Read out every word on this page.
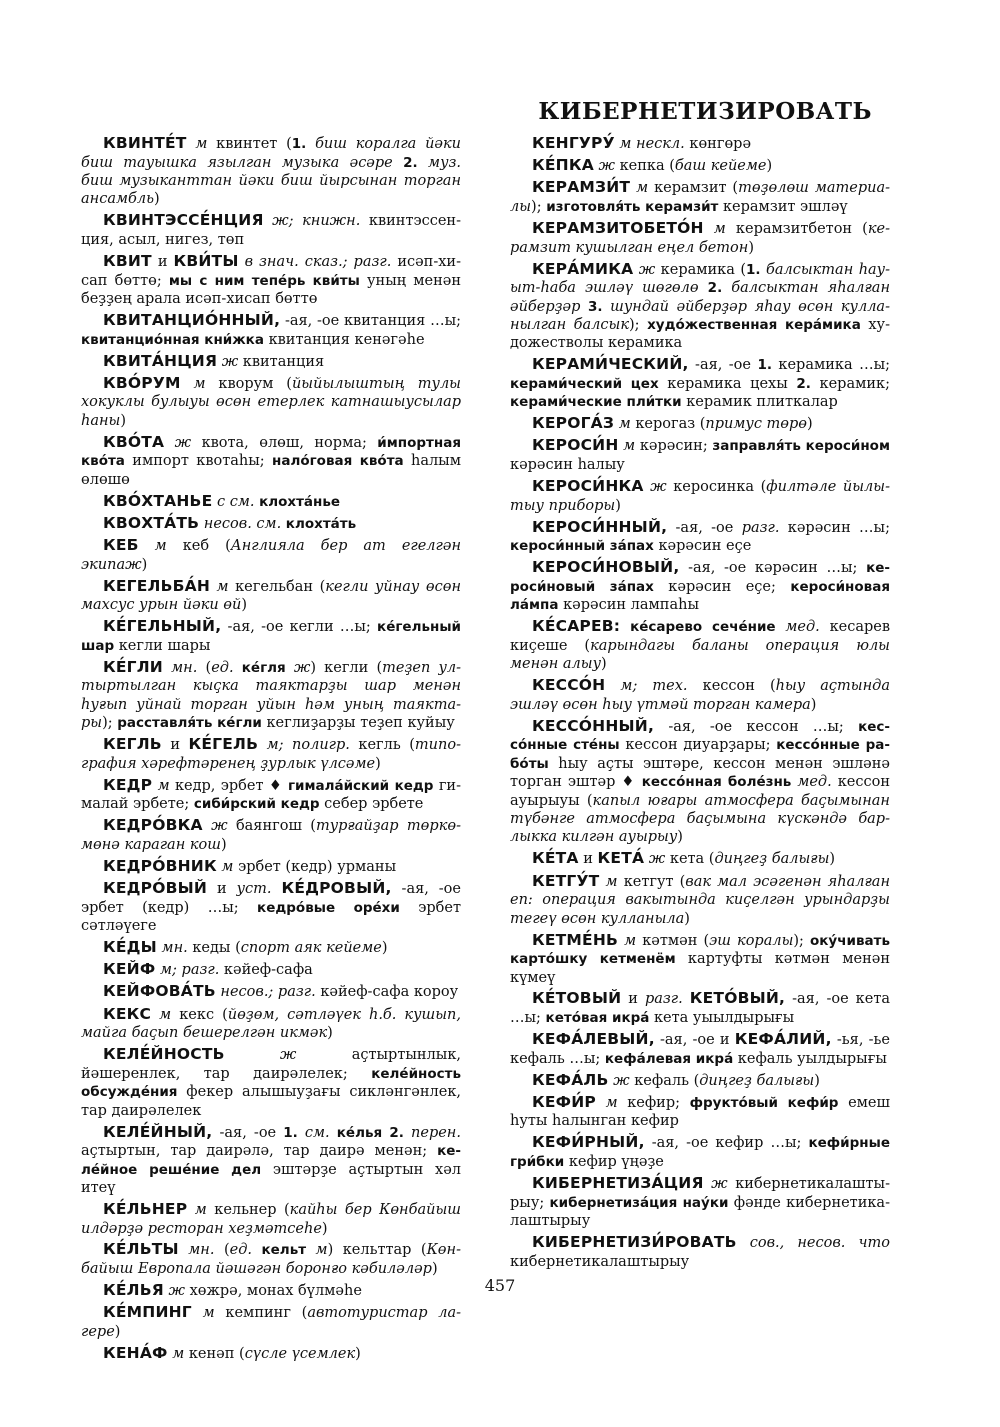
КИБЕРНЕТИЗИРОВАТЬ

КВИНТЕ́Т м квинтет (1. биш коралга йәки биш тауышка язылган музыка әсәре 2. муз. биш музыканттан йәки биш йырсынан торган ансамбль)

КВИНТЭССЕ́НЦИЯ ж; книжн. квинтэссенция, асыл, нигез, төп

КВИТ и КВИ́ТЫ в знач. сказ.; разг. исәп-хисап бөттө; мы с ним тепе́рь кви́ты уның менән беҙҙең арала исәп-хисап бөттө

КВИТАНЦИО́ННЫЙ, -ая, -ое квитанция …ы; квитанцио́нная кни́жка квитанция кенәгәһе

КВИТА́НЦИЯ ж квитанция

КВО́РУМ м кворум (йыйылыштың тулы хокуклы булыуы өсөн етерлек катнашыусылар һаны)

КВО́ТА ж квота, өлөш, норма; и́мпортная кво́та импорт квотаһы; нало́говая кво́та һалым өлөшө

КВО́ХТАНЬЕ с см. клохта́нье

КВОХТА́ТЬ несов. см. клохта́ть

КЕБ м кеб (Англияла бер ат егелгән экипаж)

КЕГЕЛЬБА́Н м кегельбан (кегли уйнау өсөн махсус урын йәки өй)

КЕ́ГЕЛЬНЫЙ, -ая, -ое кегли …ы; ке́гельный шар кегли шары

КЕ́ГЛИ мн. (ед. ке́гля ж) кегли (теҙеп ултыртылган кыҫка таяктарҙы шар менән һуғып уйнай торган уйын һәм уның таяктары); расставля́ть ке́гли кеглиҙарҙы теҙеп куйыу

КЕГЛЬ и КЕ́ГЕЛЬ м; полигр. кегль (типография хәрефтәренең ҙурлык үлсәме)

КЕДР м кедр, эрбет ♦ гимала́йский кедр гималай эрбетe; сиби́рский кедр себер эрбете

КЕДРО́ВКА ж баянгош (турғайҙар төркөмөнә караган кош)

КЕДРО́ВНИК м эрбет (кедр) урманы

КЕДРО́ВЫЙ и уст. КЕ́ДРОВЫЙ, -ая, -ое эрбет (кедр) …ы; кедро́вые оре́хи эрбет сәтләүеге

КЕ́ДЫ мн. кеды (спорт аяк кейеме)

КЕЙФ м; разг. кәйеф-сафа

КЕЙФОВА́ТЬ несов.; разг. кәйеф-сафа короу

КЕКС м кекс (йөҙөм, сәтләүек һ.б. кушып, майга баҫып бешерелгән икмәк)

КЕЛЕ́ЙНОСТЬ ж аҫтыртынлык, йәшеренлек, тар даирәлелек; келе́йность обсужде́ния фекер алышыуҙағы сикләнгәнлек, тар даирәлелек

КЕЛЕ́ЙНЫЙ, -ая, -ое 1. см. ке́лья 2. перен. аҫтыртын, тар даирәлә, тар даирә менән; келе́йное реше́ние дел эштәрҙе аҫтыртын хәл итеү

КЕ́ЛЬНЕР м кельнер (кайһы бер Көнбайыш илдәрҙә ресторан хеҙмәтсеһе)

КЕ́ЛЬТЫ мн. (ед. кельт м) кельттар (Көнбайыш Европала йәшәгән боронғо кәбиләләр)

КЕ́ЛЬЯ ж хөжрә, монах бүлмәһе

КЕ́МПИНГ м кемпинг (автотуристар лагере)

КЕНА́Ф м кенәп (сүсле үсемлек)

КЕНГУРУ́ м нескл. көнгөрә

КЕ́ПКА ж кепка (баш кейеме)

КЕРАМЗИ́Т м керамзит (төҙөлөш материалы); изготовля́ть керамзи́т керамзит эшләү

КЕРАМЗИТОБЕТО́Н м керамзитбетон (керамзит кушылган еңел бетон)

КЕРА́МИКА ж керамика (1. балсыктан һауыт-һаба эшләү шөгөлө 2. балсыктан яһалған әйберҙәр 3. шундай әйберҙәр яһау өсөн кулланылган балсык); худо́жественная кера́мика художестволы керамика

КЕРАМИ́ЧЕСКИЙ, -ая, -ое 1. керамика …ы; керами́ческий цех керамика цехы 2. керамик; керами́ческие пли́тки керамик плиткалар

КЕРОГА́З м керогаз (примус төрө)

КЕРОСИ́Н м кәрәсин; заправля́ть кероси́ном кәрәсин һалыу

КЕРОСИ́НКА ж керосинка (филтәле йылытыу приборы)

КЕРОСИ́ННЫЙ, -ая, -ое разг. кәрәсин …ы; кероси́нный за́пах кәрәсин еҫе

КЕРОСИ́НОВЫЙ, -ая, -ое кәрәсин …ы; кероси́новый за́пах кәрәсин еҫе; кероси́новая ла́мпа кәрәсин лампаһы

КЕ́САРЕВ: ке́сарево сече́ние мед. кесарев киҫеше (карындагы баланы операция юлы менән алыу)

КЕССО́Н м; тех. кессон (һыу аҫтында эшләү өсөн һыу үтмәй торган камера)

КЕССО́ННЫЙ, -ая, -ое кессон …ы; кессо́нные сте́ны кессон диуарҙары; кессо́нные рабо́ты һыу аҫты эштәре, кессон менән эшләнә торган эштәр ♦ кессо́нная боле́знь мед. кессон ауырыуы (капыл юғары атмосфера баҫымынан түбәнге атмосфера баҫымына күскәндә барлыкка килгән ауырыу)

КЕ́ТА и КЕТА́ ж кета (диңгеҙ балығы)

КЕТГУ́Т м кетгут (вак мал эсәгенән яһалған еп: операция вакытында киҫелгән урындарҙы тегеү өсөн кулланыла)

КЕТМЕ́НЬ м кәтмән (эш коралы); оку́чивать карто́шку кетменём картуфты кәтмән менән күмеү

КЕ́ТОВЫЙ и разг. КЕТО́ВЫЙ, -ая, -ое кета …ы; кето́вая икра́ кета уыылдырығы

КЕФА́ЛЕВЫЙ, -ая, -ое и КЕФА́ЛИЙ, -ья, -ье кефаль …ы; кефа́левая икра́ кефаль уылдырығы

КЕФА́ЛЬ ж кефаль (диңгеҙ балығы)

КЕФИ́Р м кефир; фрукто́вый кефи́р емеш һуты һалынган кефир

КЕФИ́РНЫЙ, -ая, -ое кефир …ы; кефи́рные гри́бки кефир үңәҙе

КИБЕРНЕТИЗА́ЦИЯ ж кибернетикалаштырыу; кибернетиза́ция нау́ки фәнде кибернетикалаштырыу

КИБЕРНЕТИЗИ́РОВАТЬ сов., несов. что кибернетикалаштырыу

457
